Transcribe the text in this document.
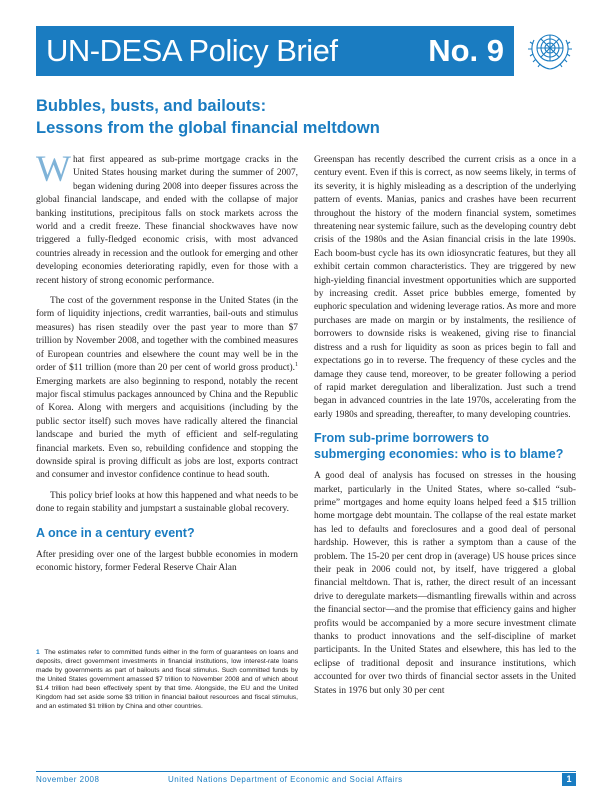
UN-DESA Policy Brief	No. 9
Bubbles, busts, and bailouts:
Lessons from the global financial meltdown

What first appeared as sub-prime mortgage cracks in the United States housing market during the summer of 2007, began widening during 2008 into deeper fissures across the global financial landscape, and ended with the collapse of major banking institutions, precipitous falls on stock markets across the world and a credit freeze. These financial shockwaves have now triggered a fully-fledged economic crisis, with most advanced countries already in recession and the outlook for emerging and other developing economies deteriorating rapidly, even for those with a recent history of strong economic performance.

The cost of the government response in the United States (in the form of liquidity injections, credit warranties, bail-outs and stimulus measures) has risen steadily over the past year to more than $7 trillion by November 2008, and together with the combined measures of European countries and elsewhere the count may well be in the order of $11 trillion (more than 20 per cent of world gross product).$^1$ Emerging markets are also beginning to respond, notably the recent major fiscal stimulus packages announced by China and the Republic of Korea. Along with mergers and acquisitions (including by the public sector itself) such moves have radically altered the financial landscape and buried the myth of efficient and self-regulating financial markets. Even so, rebuilding confidence and stopping the downside spiral is proving difficult as jobs are lost, exports contract and consumer and investor confidence continue to head south.

This policy brief looks at how this happened and what needs to be done to regain stability and jumpstart a sustainable global recovery.

A once in a century event?

After presiding over one of the largest bubble economies in modern economic history, former Federal Reserve Chair Alan

1 The estimates refer to committed funds either in the form of guarantees on loans and deposits, direct government investments in financial institutions, low interest-rate loans made by governments as part of bailouts and fiscal stimulus. Such committed funds by the United States government amassed $7 trillion to November 2008 and of which about $1.4 trillion had been effectively spent by that time. Alongside, the EU and the United Kingdom had set aside some $3 trillion in financial bailout resources and fiscal stimulus, and an estimated $1 trillion by China and other countries.

Greenspan has recently described the current crisis as a once in a century event. Even if this is correct, as now seems likely, in terms of its severity, it is highly misleading as a description of the underlying pattern of events. Manias, panics and crashes have been recurrent throughout the history of the modern financial system, sometimes threatening near systemic failure, such as the developing country debt crisis of the 1980s and the Asian financial crisis in the late 1990s. Each boom-bust cycle has its own idiosyncratic features, but they all exhibit certain common characteristics. They are triggered by new high-yielding financial investment opportunities which are supported by increasing credit. Asset price bubbles emerge, fomented by euphoric speculation and widening leverage ratios. As more and more purchases are made on margin or by instalments, the resilience of borrowers to downside risks is weakened, giving rise to financial distress and a rush for liquidity as soon as prices begin to fall and expectations go in to reverse. The frequency of these cycles and the damage they cause tend, moreover, to be greater following a period of rapid market deregulation and liberalization. Just such a trend began in advanced countries in the late 1970s, accelerating from the early 1980s and spreading, thereafter, to many developing countries.

From sub-prime borrowers to
submerging economies: who is to blame?

A good deal of analysis has focused on stresses in the housing market, particularly in the United States, where so-called “sub-prime” mortgages and home equity loans helped feed a $15 trillion home mortgage debt mountain. The collapse of the real estate market has led to defaults and foreclosures and a good deal of personal hardship. However, this is rather a symptom than a cause of the problem. The 15-20 per cent drop in (average) US house prices since their peak in 2006 could not, by itself, have triggered a global financial meltdown. That is, rather, the direct result of an incessant drive to deregulate markets—dismantling firewalls within and across the financial sector—and the promise that efficiency gains and higher profits would be accompanied by a more secure investment climate thanks to product innovations and the self-discipline of market participants. In the United States and elsewhere, this has led to the eclipse of traditional deposit and insurance institutions, which accounted for over two thirds of financial sector assets in the United States in 1976 but only 30 per cent

November 2008	United Nations Department of Economic and Social Affairs	1
